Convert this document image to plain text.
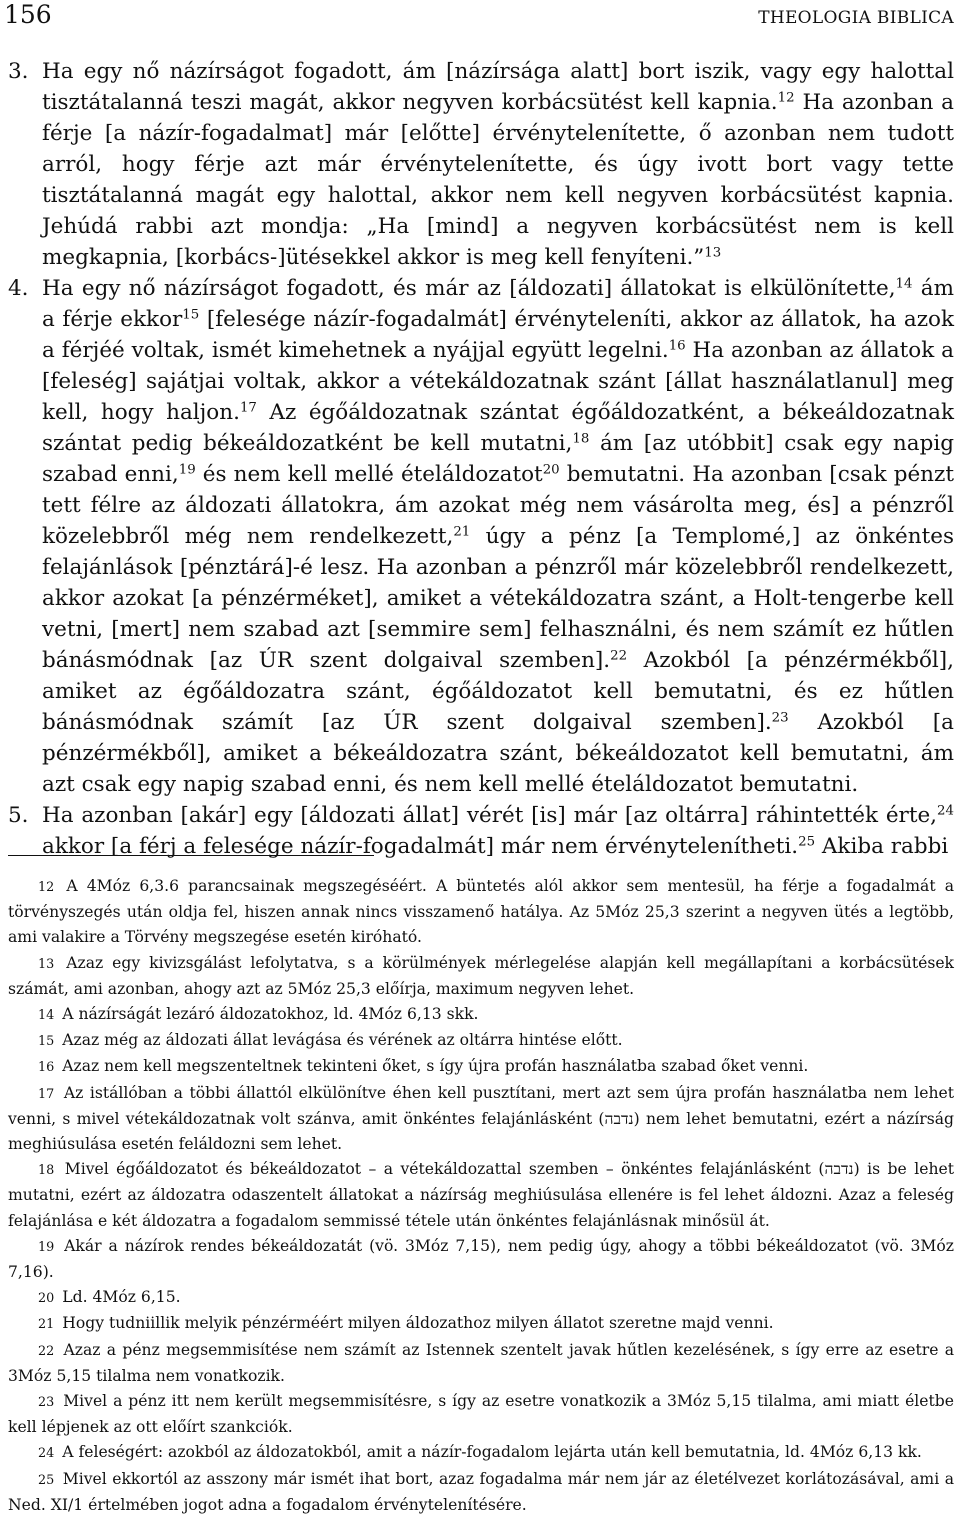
156	THEOLOGIA BIBLICA

3. Ha egy nő názírságot fogadott, ám [názírsága alatt] bort iszik, vagy egy halottal tisztátalanná teszi magát, akkor negyven korbácsütést kell kapnia.$^{12}$ Ha azonban a férje [a názír-fogadalmat] már [előtte] érvénytelenítette, ő azonban nem tudott arról, hogy férje azt már érvénytelenítette, és úgy ivott bort vagy tette tisztátalanná magát egy halottal, akkor nem kell negyven korbácsütést kapnia. Jehúdá rabbi azt mondja: „Ha [mind] a negyven korbácsütést nem is kell megkapnia, [korbács-]ütésekkel akkor is meg kell fenyíteni.”$^{13}$

4. Ha egy nő názírságot fogadott, és már az [áldozati] állatokat is elkülönítette,$^{14}$ ám a férje ekkor$^{15}$ [felesége názír-fogadalmát] érvényteleníti, akkor az állatok, ha azok a férjéé voltak, ismét kimehetnek a nyájjal együtt legelni.$^{16}$ Ha azonban az állatok a [feleség] sajátjai voltak, akkor a vétekáldozatnak szánt [állat használatlanul] meg kell, hogy haljon.$^{17}$ Az égőáldozatnak szántat égőáldozatként, a békeáldozatnak szántat pedig békeáldozatként be kell mutatni,$^{18}$ ám [az utóbbit] csak egy napig szabad enni,$^{19}$ és nem kell mellé ételáldozatot$^{20}$ bemutatni. Ha azonban [csak pénzt tett félre az áldozati állatokra, ám azokat még nem vásárolta meg, és] a pénzről közelebbről még nem rendelkezett,$^{21}$ úgy a pénz [a Templomé,] az önkéntes felajánlások [pénztárá]-é lesz. Ha azonban a pénzről már közelebbről rendelkezett, akkor azokat [a pénzérméket], amiket a vétekáldozatra szánt, a Holt-tengerbe kell vetni, [mert] nem szabad azt [semmire sem] felhasználni, és nem számít ez hűtlen bánásmódnak [az ÚR szent dolgaival szemben].$^{22}$ Azokból [a pénzérmékből], amiket az égőáldozatra szánt, égőáldozatot kell bemutatni, és ez hűtlen bánásmódnak számít [az ÚR szent dolgaival szemben].$^{23}$ Azokból [a pénzérmékből], amiket a békeáldozatra szánt, békeáldozatot kell bemutatni, ám azt csak egy napig szabad enni, és nem kell mellé ételáldozatot bemutatni.

5. Ha azonban [akár] egy [áldozati állat] vérét [is] már [az oltárra] ráhintették érte,$^{24}$ akkor [a férj a felesége názír-fogadalmát] már nem érvénytelenítheti.$^{25}$ Akiba rabbi

12 A 4Móz 6,3.6 parancsainak megszegéséért. A büntetés alól akkor sem mentesül, ha férje a fogadalmát a törvényszegés után oldja fel, hiszen annak nincs visszamenő hatálya. Az 5Móz 25,3 szerint a negyven ütés a legtöbb, ami valakire a Törvény megszegése esetén kiróható.

13 Azaz egy kivizsgálást lefolytatva, s a körülmények mérlegelése alapján kell megállapítani a korbácsütések számát, ami azonban, ahogy azt az 5Móz 25,3 előírja, maximum negyven lehet.

14 A názírságát lezáró áldozatokhoz, ld. 4Móz 6,13 skk.

15 Azaz még az áldozati állat levágása és vérének az oltárra hintése előtt.

16 Azaz nem kell megszenteltnek tekinteni őket, s így újra profán használatba szabad őket venni.

17 Az istállóban a többi állattól elkülönítve éhen kell pusztítani, mert azt sem újra profán használatba nem lehet venni, s mivel vétekáldozatnak volt szánva, amit önkéntes felajánlásként (נדבה) nem lehet bemutatni, ezért a názírság meghiúsulása esetén feláldozni sem lehet.

18 Mivel égőáldozatot és békeáldozatot – a vétekáldozattal szemben – önkéntes felajánlásként (נדבה) is be lehet mutatni, ezért az áldozatra odaszentelt állatokat a názírság meghiúsulása ellenére is fel lehet áldozni. Azaz a feleség felajánlása e két áldozatra a fogadalom semmissé tétele után önkéntes felajánlásnak minősül át.

19 Akár a názírok rendes békeáldozatát (vö. 3Móz 7,15), nem pedig úgy, ahogy a többi békeáldozatot (vö. 3Móz 7,16).

20 Ld. 4Móz 6,15.

21 Hogy tudniillik melyik pénzérméért milyen áldozathoz milyen állatot szeretne majd venni.

22 Azaz a pénz megsemmisítése nem számít az Istennek szentelt javak hűtlen kezelésének, s így erre az esetre a 3Móz 5,15 tilalma nem vonatkozik.

23 Mivel a pénz itt nem került megsemmisítésre, s így az esetre vonatkozik a 3Móz 5,15 tilalma, ami miatt életbe kell lépjenek az ott előírt szankciók.

24 A feleségért: azokból az áldozatokból, amit a názír-fogadalom lejárta után kell bemutatnia, ld. 4Móz 6,13 kk.

25 Mivel ekkortól az asszony már ismét ihat bort, azaz fogadalma már nem jár az életélvezet korlátozásával, ami a Ned. XI/1 értelmében jogot adna a fogadalom érvénytelenítésére.
